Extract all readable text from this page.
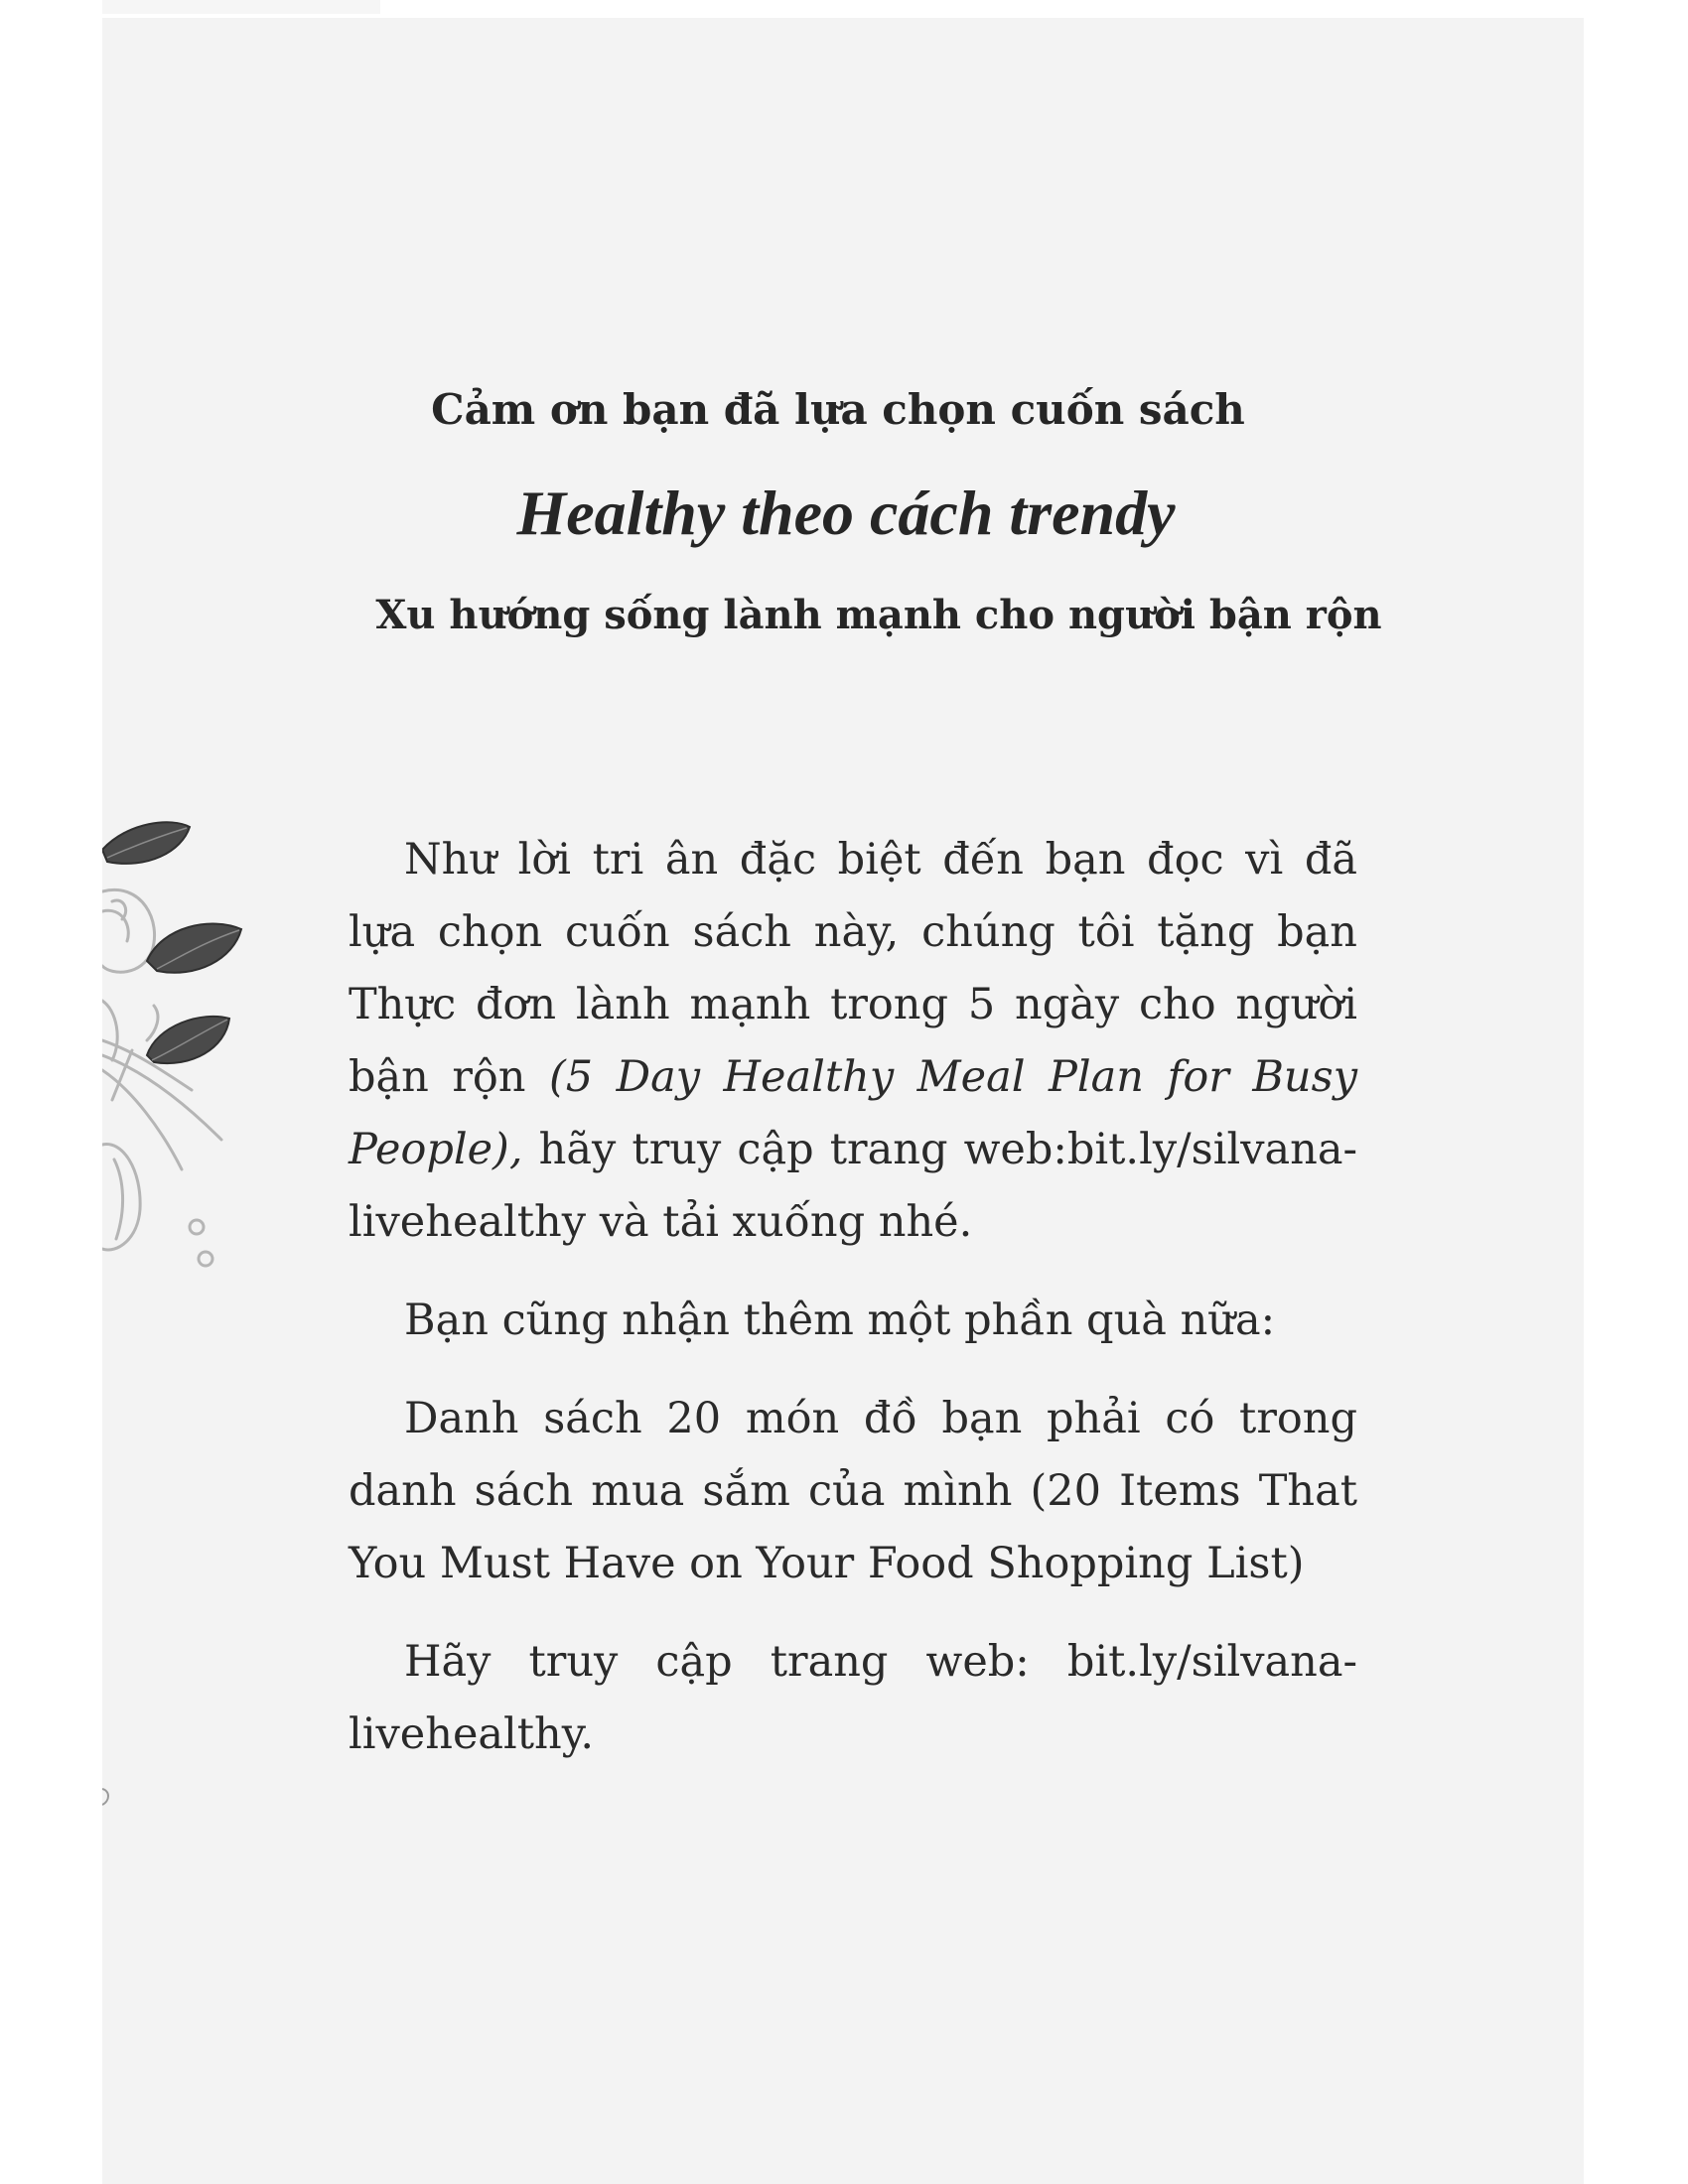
Cảm ơn bạn đã lựa chọn cuốn sách
Healthy theo cách trendy
Xu hướng sống lành mạnh cho người bận rộn

Như lời tri ân đặc biệt đến bạn đọc vì đã lựa chọn cuốn sách này, chúng tôi tặng bạn Thực đơn lành mạnh trong 5 ngày cho người bận rộn (5 Day Healthy Meal Plan for Busy People), hãy truy cập trang web:bit.ly/silvana-livehealthy và tải xuống nhé.

Bạn cũng nhận thêm một phần quà nữa:

Danh sách 20 món đồ bạn phải có trong danh sách mua sắm của mình (20 Items That You Must Have on Your Food Shopping List)

Hãy truy cập trang web: bit.ly/silvana-livehealthy.
